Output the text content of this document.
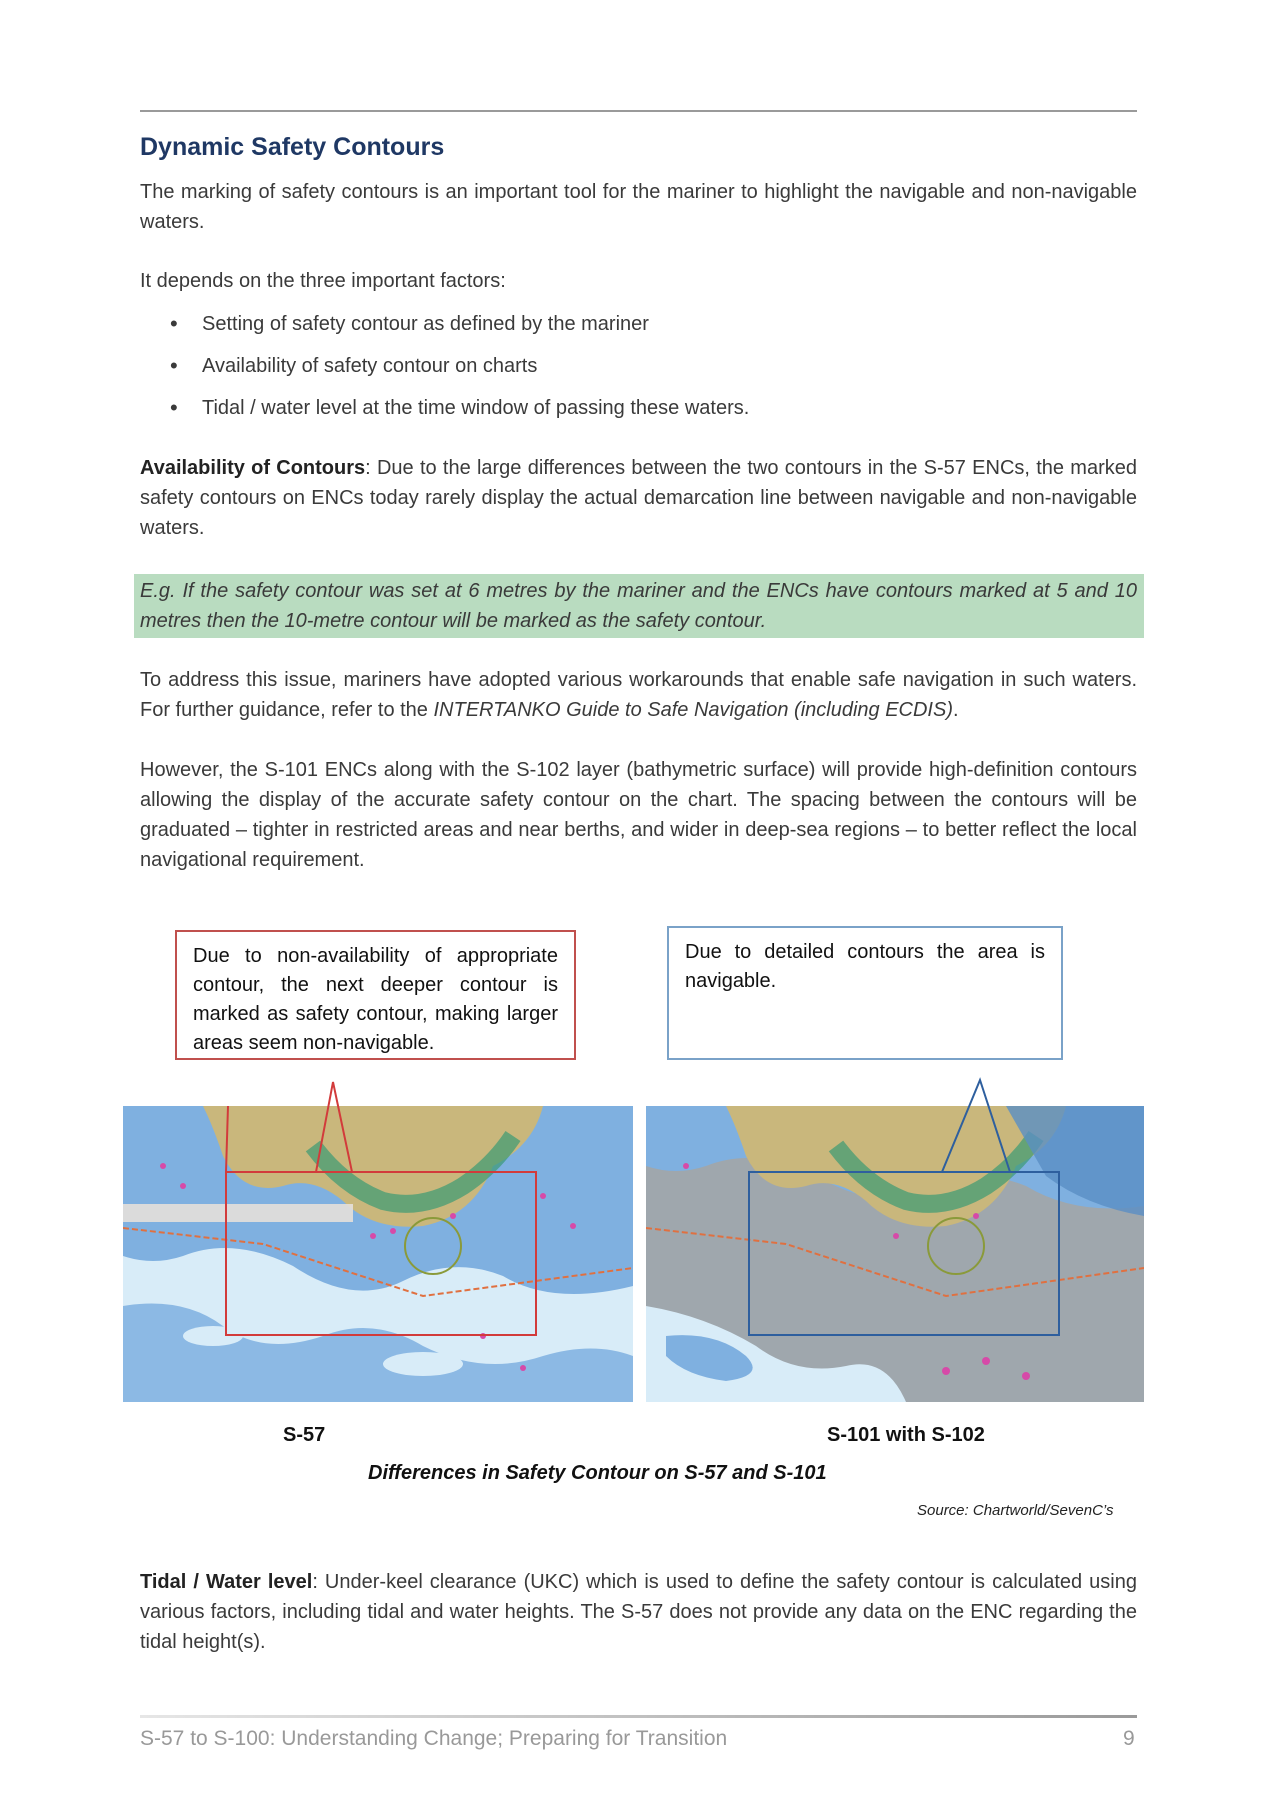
Dynamic Safety Contours
The marking of safety contours is an important tool for the mariner to highlight the navigable and non-navigable waters.
It depends on the three important factors:
• Setting of safety contour as defined by the mariner
• Availability of safety contour on charts
• Tidal / water level at the time window of passing these waters.
Availability of Contours: Due to the large differences between the two contours in the S-57 ENCs, the marked safety contours on ENCs today rarely display the actual demarcation line between navigable and non-navigable waters.
E.g. If the safety contour was set at 6 metres by the mariner and the ENCs have contours marked at 5 and 10 metres then the 10-metre contour will be marked as the safety contour.
To address this issue, mariners have adopted various workarounds that enable safe navigation in such waters. For further guidance, refer to the INTERTANKO Guide to Safe Navigation (including ECDIS).
However, the S-101 ENCs along with the S-102 layer (bathymetric surface) will provide high-definition contours allowing the display of the accurate safety contour on the chart. The spacing between the contours will be graduated – tighter in restricted areas and near berths, and wider in deep-sea regions – to better reflect the local navigational requirement.
Due to non-availability of appropriate contour, the next deeper contour is marked as safety contour, making larger areas seem non-navigable.
Due to detailed contours the area is navigable.
S-57	S-101 with S-102
Differences in Safety Contour on S-57 and S-101
Source: Chartworld/SevenC’s
Tidal / Water level: Under-keel clearance (UKC) which is used to define the safety contour is calculated using various factors, including tidal and water heights. The S-57 does not provide any data on the ENC regarding the tidal height(s).
S-57 to S-100: Understanding Change; Preparing for Transition	9
